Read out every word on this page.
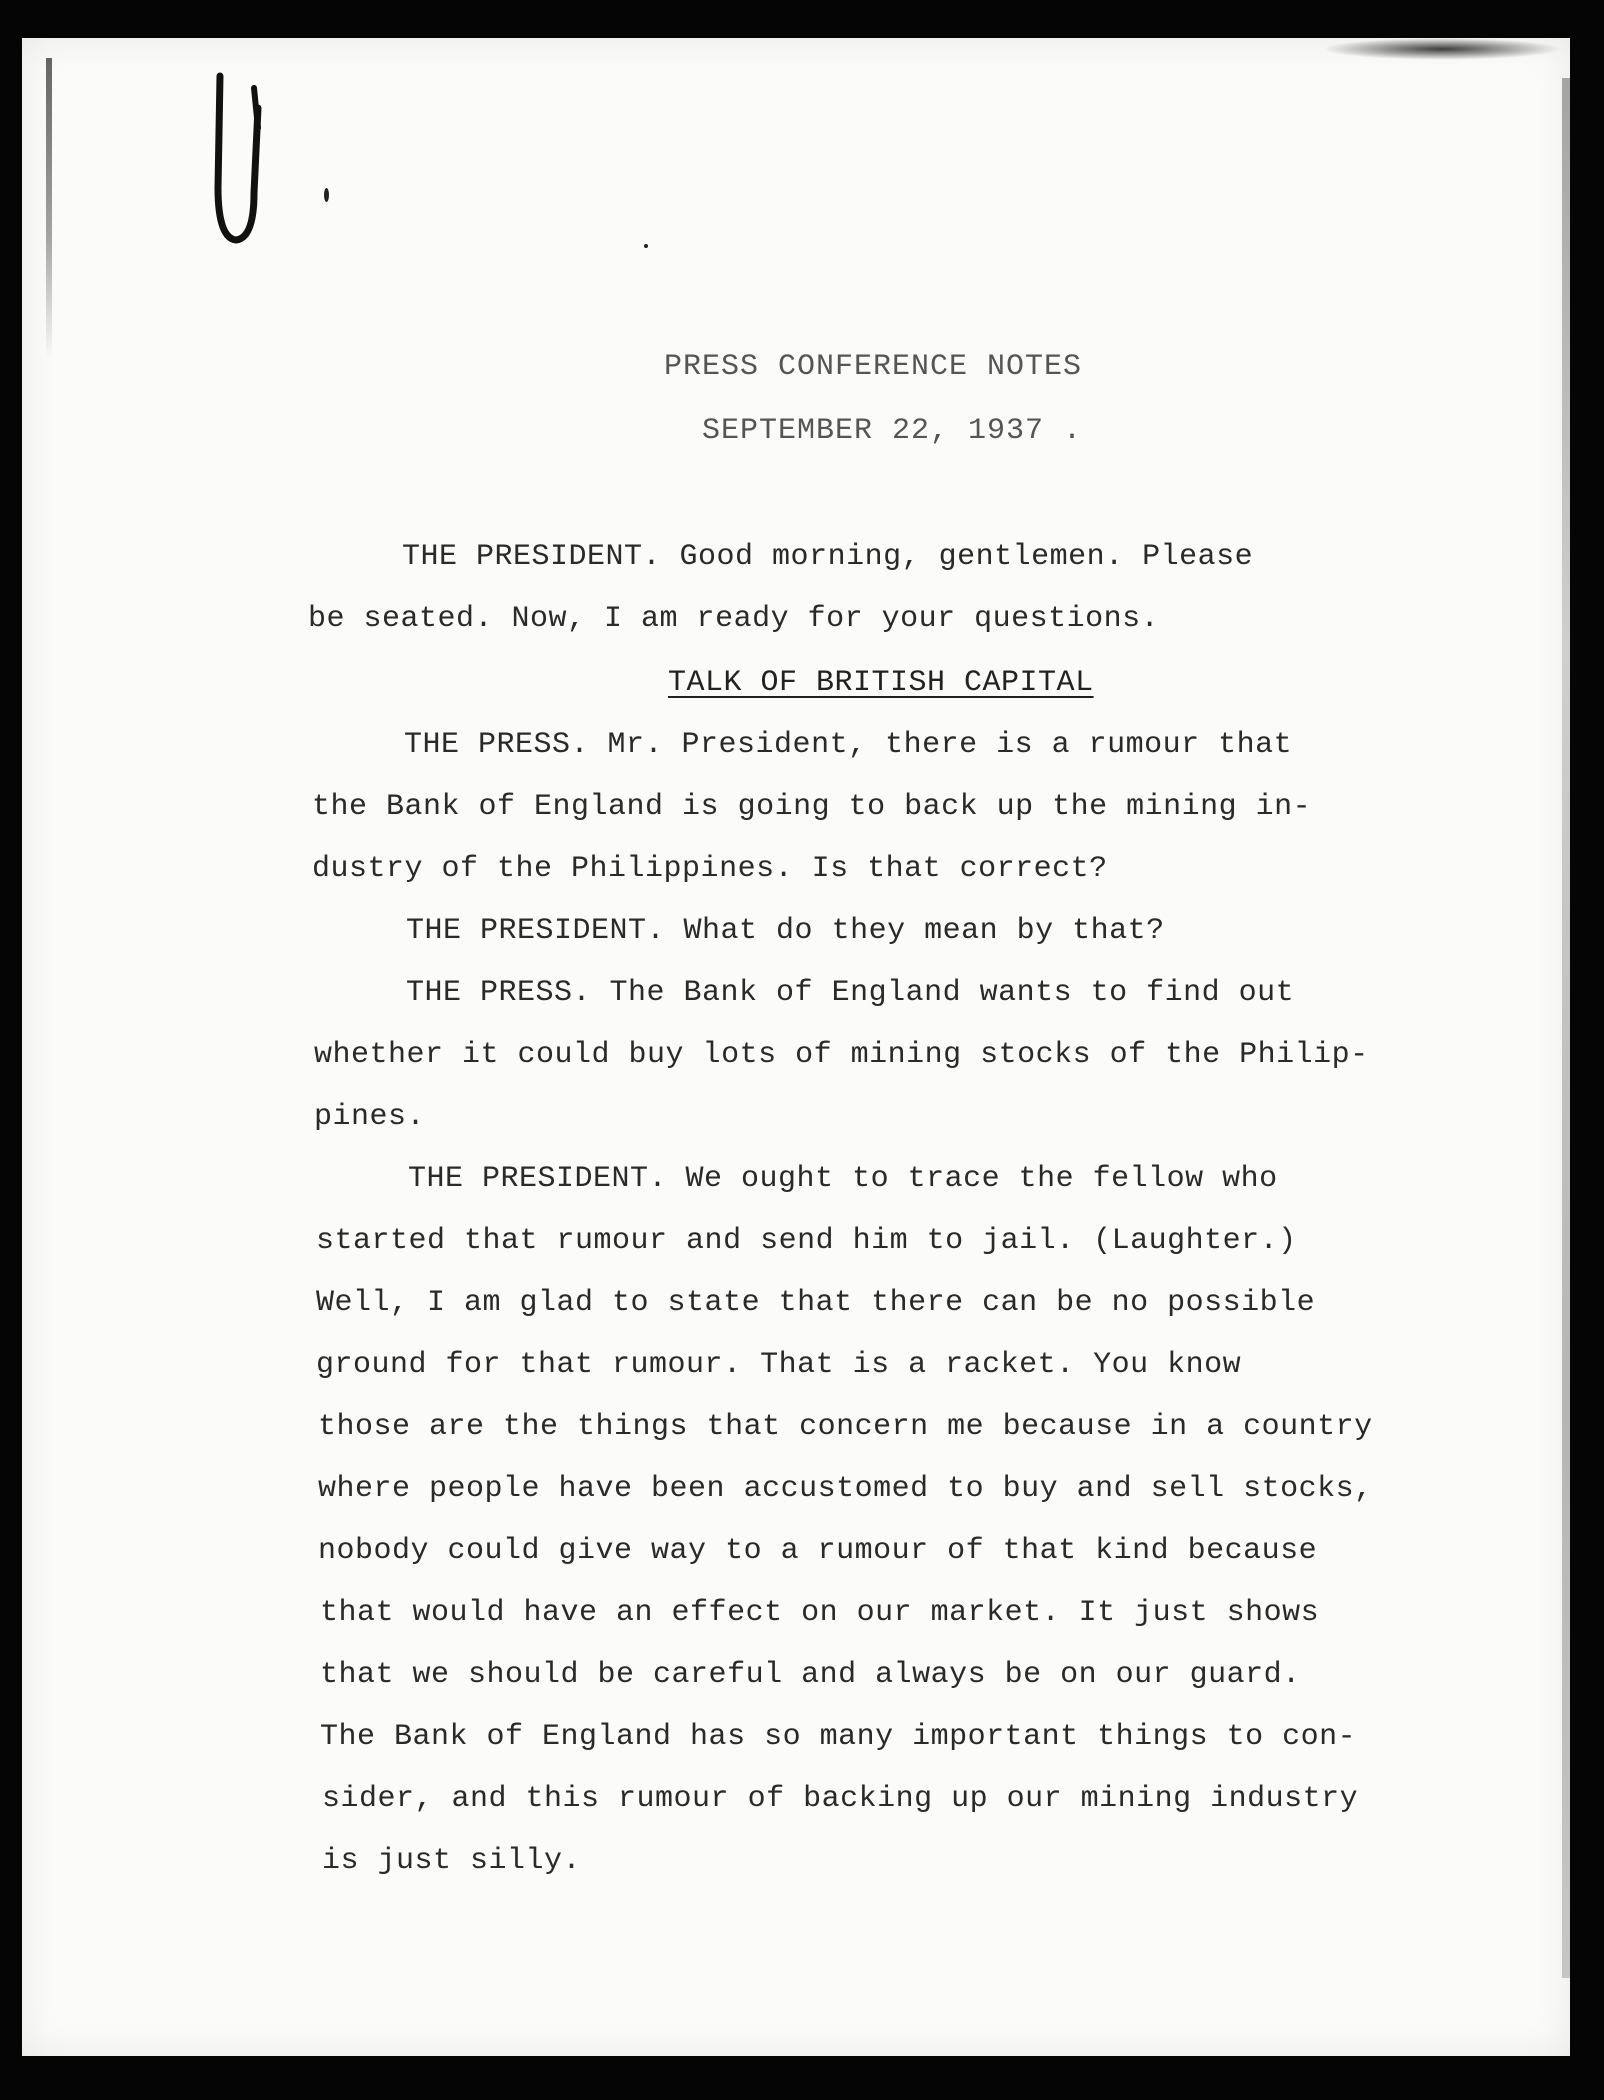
PRESS CONFERENCE NOTES
SEPTEMBER 22, 1937 .
THE PRESIDENT. Good morning, gentlemen. Please
be seated. Now, I am ready for your questions.
TALK OF BRITISH CAPITAL
THE PRESS. Mr. President, there is a rumour that
the Bank of England is going to back up the mining in-
dustry of the Philippines. Is that correct?
THE PRESIDENT. What do they mean by that?
THE PRESS. The Bank of England wants to find out
whether it could buy lots of mining stocks of the Philip-
pines.
THE PRESIDENT. We ought to trace the fellow who
started that rumour and send him to jail. (Laughter.)
Well, I am glad to state that there can be no possible
ground for that rumour. That is a racket. You know
those are the things that concern me because in a country
where people have been accustomed to buy and sell stocks,
nobody could give way to a rumour of that kind because
that would have an effect on our market. It just shows
that we should be careful and always be on our guard.
The Bank of England has so many important things to con-
sider, and this rumour of backing up our mining industry
is just silly.
